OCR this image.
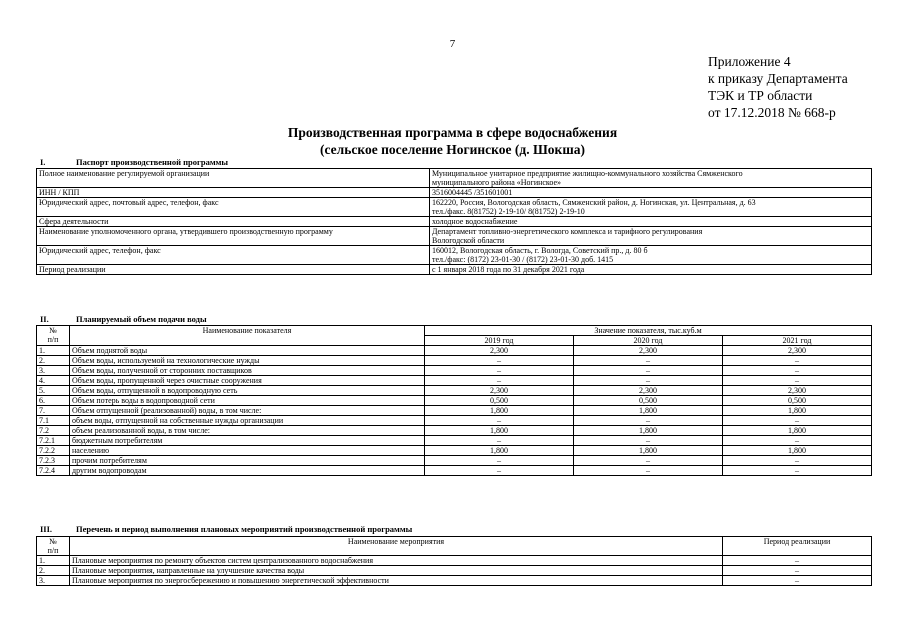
7
Приложение 4
к приказу Департамента
ТЭК и ТР области
от 17.12.2018 № 668-р
Производственная программа в сфере водоснабжения
(сельское поселение Ногинское (д. Шокша)
I.	Паспорт производственной программы
Полное наименование регулируемой организации	Муниципальное унитарное предприятие жилищно-коммунального хозяйства Сямженского
муниципального района «Ногинское»

ИНН / КПП	3516004445 /351601001

Юридический адрес, почтовый адрес, телефон, факс	162220, Россия, Вологодская область, Сямженский район, д. Ногинская, ул. Центральная, д. 63
тел./факс. 8(81752) 2-19-10/ 8(81752) 2-19-10

Сфера деятельности	холодное водоснабжение

Наименование уполномоченного органа, утвердившего производственную программу	Департамент топливно-энергетического комплекса и тарифного регулирования
Вологодской области

Юридический адрес, телефон, факс	160012, Вологодская область, г. Вологда, Советский пр., д. 80 б
тел./факс: (8172) 23-01-30 / (8172) 23-01-30 доб. 1415

Период реализации	с 1 января 2018 года по 31 декабря 2021 года
II.	Планируемый объем подачи воды
№
п/п	Наименование показателя	Значение показателя, тыс.куб.м		
		2019 год	2020 год	2021 год
1.	Объем поднятой воды	2,300	2,300	2,300
2.	Объем воды, используемой на технологические нужды	–	–	–
3.	Объем воды, полученной от сторонних поставщиков	–	–	–
4.	Объем воды, пропущенной через очистные сооружения	–	–	–
5.	Объем воды, отпущенной в водопроводную сеть	2,300	2,300	2,300
6.	Объем потерь воды в водопроводной сети	0,500	0,500	0,500
7.	Объем отпущенной (реализованной) воды, в том числе:	1,800	1,800	1,800
7.1	объем воды, отпущенной на собственные нужды организации	–	–	–
7.2	объем реализованной воды, в том числе:	1,800	1,800	1,800
7.2.1	бюджетным потребителям	–	–	–
7.2.2	населению	1,800	1,800	1,800
7.2.3	прочим потребителям	–	–	–
7.2.4	другим водопроводам	–	–	–
III.	Перечень и период выполнения плановых мероприятий производственной программы
№
п/п	Наименование мероприятия	Период реализации
1.	Плановые мероприятия по ремонту объектов систем централизованного водоснабжения	–
2.	Плановые мероприятия, направленные на улучшение качества воды	–
3.	Плановые мероприятия по энергосбережению и повышению энергетической эффективности	–
